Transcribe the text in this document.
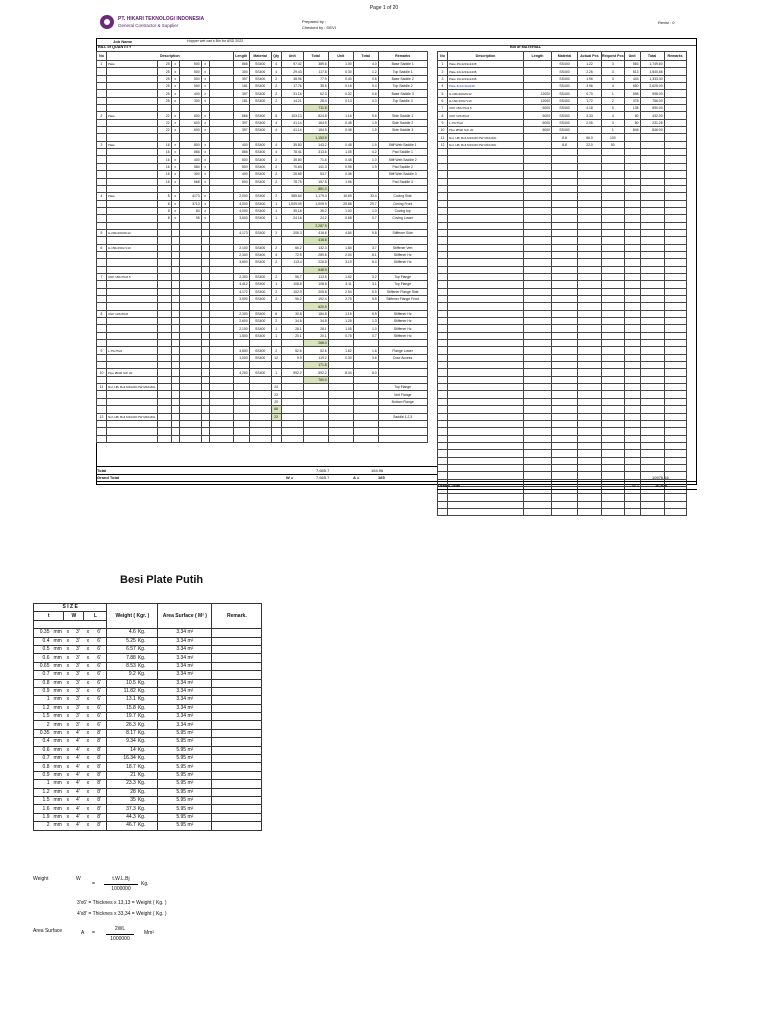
Page 1 of 20
PT. HIKARI TEKNOLOGI INDONESIA
General Contractor & Supplier
Prepared by :
Checked by : DEVI
Revisi : 0
Job Name	Hopper wet can's Bin for ASD 2022
BILL of QUANTITY	Bill of MATERIAL
No	Description						Length	Material	Qty	Unit	Total	Unit	Total	Remarks
1	Plate	25	x	500	x		866	SS400	4	97.42	389.6	1.00	4.0	Base Saddle 1
		25	x	500	x		300	SS400	4	29.43	117.8	0.30	1.2	Top Saddle 1
		25	x	500	x		397	SS400	2	38.96	77.9	0.40	0.8	Base Saddle 2
		25	x	500	x		181	SS400	2	17.76	35.5	0.18	0.4	Top Saddle 2
		25	x	400	x		397	SS400	2	31.16	62.3	0.32	0.6	Base Saddle 3
		25	x	300	x		181	SS400	2	14.21	28.4	0.13	0.3	Top Saddle 3
											711.5			
2	Plate	22	x	600	x		866	SS400	8	103.13	824.8	1.16	9.6	Side Saddle 1
		22	x	600	x		397	SS400	4	41.14	164.5	0.48	1.9	Side Saddle 2
		22	x	600	x		397	SS400	4	41.14	164.5	0.48	1.9	Side Saddle 3
											1,153.9			
3	Plate	16	x	800	x		400	SS400	4	35.80	143.2	0.48	1.9	Stiff Web Saddle 1
		16	x	866	x		866	SS400	4	78.41	313.6	1.05	4.2	Pad Saddle 1
		16	x	400	x		800	SS400	2	35.80	71.6	0.48	1.0	Stiff Web Saddle 2
		16	x	584	x		800	SS400	2	70.63	141.3	0.95	1.9	Pad Saddle 2
		16	x	300	x		400	SS400	2	26.85	53.7	0.36		Stiff Web Saddle 3
		16	x	668	x		800	SS400	2	78.75	157.5	1.06		Pad Saddle 3
											881.0			
4	Plate	8	x	4173	x		2,000	SS400	2	589.64	1,179.3	16.69	33.4	Coving Side
		8	x	3710	x		4,000	SS400	1	1,009.09	1,009.9	29.68	29.7	Coving Front
		8	x	83	x		4,000	SS400	1	35.18	35.2	1.00	1.0	Coving top
		8	x	95	x		3,600	SS400	1	24.16	24.2	0.68	0.7	Coving Lower
											2,287.9			
5	H-200x200x8x12						4,173	SS400	2	208.3	416.6	4.84	9.8	Stiffener Side
											416.6			
6	H-150x150x7x10						2,100	SS400	2	66.2	132.3	1.84	3.7	Stiffener Vert
							2,300	SS400	4	72.5	289.8	2.04	8.1	Stiffener Hz
							3,600	SS400	2	113.4	226.8	3.19	6.4	Stiffener Hz
											648.9			
7	UNP 150x75x6.5						2,300	SS400	2	56.7	113.5	1.62	3.2	Top Flange
							4,412	SS400	1	108.8	108.8	3.11	3.1	Top Flange
							4,172	SS400	2	102.9	205.8	2.94	5.9	Stiffener Flange Side
							3,900	SS400	2	96.2	192.4	2.75	5.5	Stiffener Flange Front
											620.5			
8	UNP 125x65x6						2,300	SS400	6	30.8	184.8	1.15	6.9	Stiffener Hz
							2,600	SS400	2	34.8	34.8	1.28	1.3	Stiffener Hz
							2,100	SS400	1	28.1	28.1	1.05	1.0	Stiffener Hz
							1,500	SS400	1	20.1	20.1	0.75	0.7	Stiffener Hz
											268.0			
9	L-75x75x6						3,800	SS400	2	52.6	52.6	1.62	1.6	Flange Lower
							1,000	SS400	12	9.9	119.2	0.30	3.6	Door Access
											171.8			
10	Pipe Ø600 Sch 20						4,200	SS400	1	592.2	592.2	8.04	8.0	
											760.0			
11	Nut, HB, Bolt M16x60 PW M16x60L								24					Top Flange
									22					Vert Flange
									20					Bottom Flange
									66					
12	Nut, HB, Bolt M16x60 PW M16x60L								22					Saddle 1,2,3

No	Description	Length	Material	Actual Pcs	Request Pcs	Unit	Total	Remarks
1	Plate 25x1219x2438		SS400	1.22	3	583	1,749.60	
2	Plate 22x1219x2438		SS400	2.26	3	513	1,540.66	
3	Plate 16x1219x2438		SS400	1.96	3	443	1,333.30	
4	Plate 8x1219x2438		SS400	3.96	4	650	2,625.00	
5	H-200x200x8x12	12000	SS400	0.70	1	598	598.00	
6	H-150x150x7x10	12000	SS400	1.72	2	378	756.00	
7	UNP 150x75x6.5	6000	SS400	4.18	5	138	690.00	
8	UNP 125x65x6	6000	SS400	3.33	4	80	432.00	
9	L-75x75x6	6000	SS400	2.05	3	80	231.28	
10	Pipe Ø600 Sch 20	6000	SS400		1	846	846.00	
11	Nut, HB, Bolt M16x60 PW M16x60L		8.8	66.0	100			
12	Nut, HB, Bolt M16x60 PW M16x60L		8.8	22.0	50		-	

Total	7,665.7	164.96
Grand Total	W =	7,665.7	A =	165	10976.16
Grand Total	W =	10,976
Besi Plate Putih
S I Z E						Weight ( Kgr. )	Area Surface ( M² )	Remark.
t		W		L				

0.35	mm	x	3'	x	6'	4.6 Kg.	3.34 m²	
0.4	mm	x	3'	x	6'	5.25 Kg.	3.34 m²	
0.5	mm	x	3'	x	6'	6.57 Kg.	3.34 m²	
0.6	mm	x	3'	x	6'	7.88 Kg.	3.34 m²	
0.65	mm	x	3'	x	6'	8.53 Kg.	3.34 m²	
0.7	mm	x	3'	x	6'	9.2 Kg.	3.34 m²	
0.8	mm	x	3'	x	6'	10.5 Kg.	3.34 m²	
0.9	mm	x	3'	x	6'	11.82 Kg.	3.34 m²	
1	mm	x	3'	x	6'	13.1 Kg.	3.34 m²	
1.2	mm	x	3'	x	6'	15.8 Kg.	3.34 m²	
1.5	mm	x	3'	x	6'	19.7 Kg.	3.34 m²	
2	mm	x	3'	x	6'	26.3 Kg.	3.34 m²	
0.35	mm	x	4'	x	8'	8.17 Kg.	5.95 m²	
0.4	mm	x	4'	x	8'	9.34 Kg.	5.95 m²	
0.6	mm	x	4'	x	8'	14 Kg.	5.95 m²	
0.7	mm	x	4'	x	8'	16.34 Kg.	5.95 m²	
0.8	mm	x	4'	x	8'	18.7 Kg.	5.95 m²	
0.9	mm	x	4'	x	8'	21 Kg.	5.95 m²	
1	mm	x	4'	x	8'	23.3 Kg.	5.95 m²	
1.2	mm	x	4'	x	8'	28 Kg.	5.95 m²	
1.5	mm	x	4'	x	8'	35 Kg.	5.95 m²	
1.6	mm	x	4'	x	8'	37.3 Kg.	5.95 m²	
1.9	mm	x	4'	x	8'	44.3 Kg.	5.95 m²	
2	mm	x	4'	x	8'	46.7 Kg.	5.95 m²	
Weight	W
=
t.W.L.Bj
1000000
Kg.
3'x6' = Thicknes x 13,13 = Weight ( Kg. )
4'x8' = Thicknes x 33,34 = Weight ( Kg. )
Area Surface	A =
2WL
1000000
Mm²
